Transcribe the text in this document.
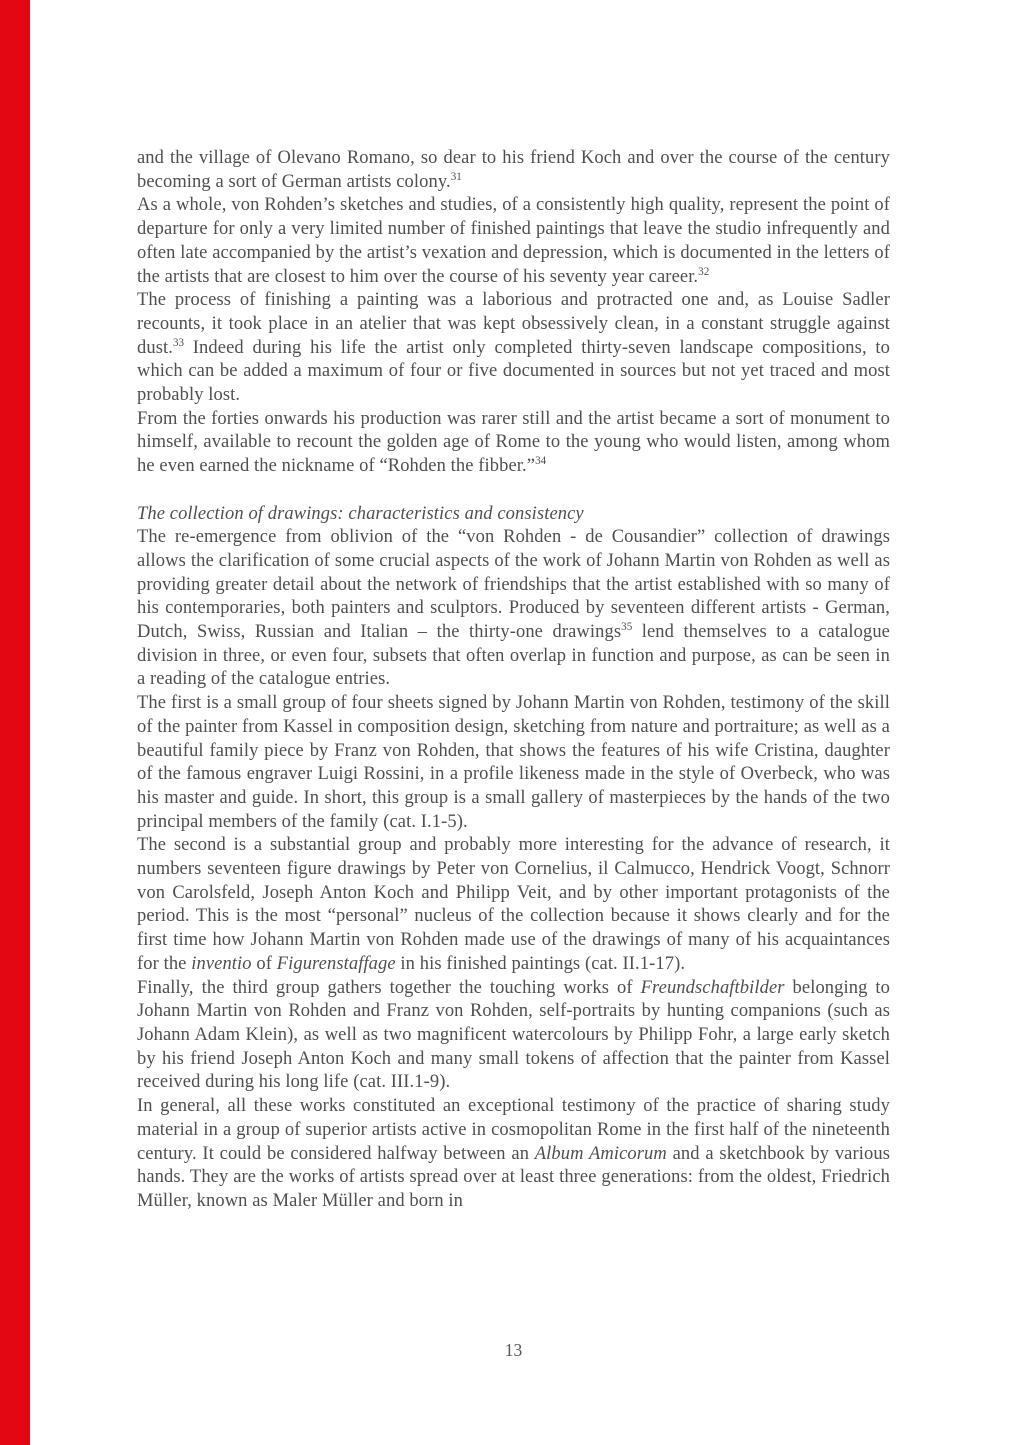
and the village of Olevano Romano, so dear to his friend Koch and over the course of the century becoming a sort of German artists colony.$^{31}$

As a whole, von Rohden’s sketches and studies, of a consistently high quality, represent the point of departure for only a very limited number of finished paintings that leave the studio infrequently and often late accompanied by the artist’s vexation and depression, which is documented in the letters of the artists that are closest to him over the course of his seventy year career.$^{32}$

The process of finishing a painting was a laborious and protracted one and, as Louise Sadler recounts, it took place in an atelier that was kept obsessively clean, in a constant struggle against dust.$^{33}$ Indeed during his life the artist only completed thirty-seven landscape compositions, to which can be added a maximum of four or five documented in sources but not yet traced and most probably lost.

From the forties onwards his production was rarer still and the artist became a sort of monument to himself, available to recount the golden age of Rome to the young who would listen, among whom he even earned the nickname of “Rohden the fibber.”$^{34}$

The collection of drawings: characteristics and consistency

The re-emergence from oblivion of the “von Rohden - de Cousandier” collection of drawings allows the clarification of some crucial aspects of the work of Johann Martin von Rohden as well as providing greater detail about the network of friendships that the artist established with so many of his contemporaries, both painters and sculptors. Produced by seventeen different artists - German, Dutch, Swiss, Russian and Italian – the thirty-one drawings$^{35}$ lend themselves to a catalogue division in three, or even four, subsets that often overlap in function and purpose, as can be seen in a reading of the catalogue entries.

The first is a small group of four sheets signed by Johann Martin von Rohden, testimony of the skill of the painter from Kassel in composition design, sketching from nature and portraiture; as well as a beautiful family piece by Franz von Rohden, that shows the features of his wife Cristina, daughter of the famous engraver Luigi Rossini, in a profile likeness made in the style of Overbeck, who was his master and guide. In short, this group is a small gallery of masterpieces by the hands of the two principal members of the family (cat. I.1-5).

The second is a substantial group and probably more interesting for the advance of research, it numbers seventeen figure drawings by Peter von Cornelius, il Calmucco, Hendrick Voogt, Schnorr von Carolsfeld, Joseph Anton Koch and Philipp Veit, and by other important protagonists of the period. This is the most “personal” nucleus of the collection because it shows clearly and for the first time how Johann Martin von Rohden made use of the drawings of many of his acquaintances for the inventio of Figurenstaffage in his finished paintings (cat. II.1-17).

Finally, the third group gathers together the touching works of Freundschaftbilder belonging to Johann Martin von Rohden and Franz von Rohden, self-portraits by hunting companions (such as Johann Adam Klein), as well as two magnificent watercolours by Philipp Fohr, a large early sketch by his friend Joseph Anton Koch and many small tokens of affection that the painter from Kassel received during his long life (cat. III.1-9).

In general, all these works constituted an exceptional testimony of the practice of sharing study material in a group of superior artists active in cosmopolitan Rome in the first half of the nineteenth century. It could be considered halfway between an Album Amicorum and a sketchbook by various hands. They are the works of artists spread over at least three generations: from the oldest, Friedrich Müller, known as Maler Müller and born in

13
